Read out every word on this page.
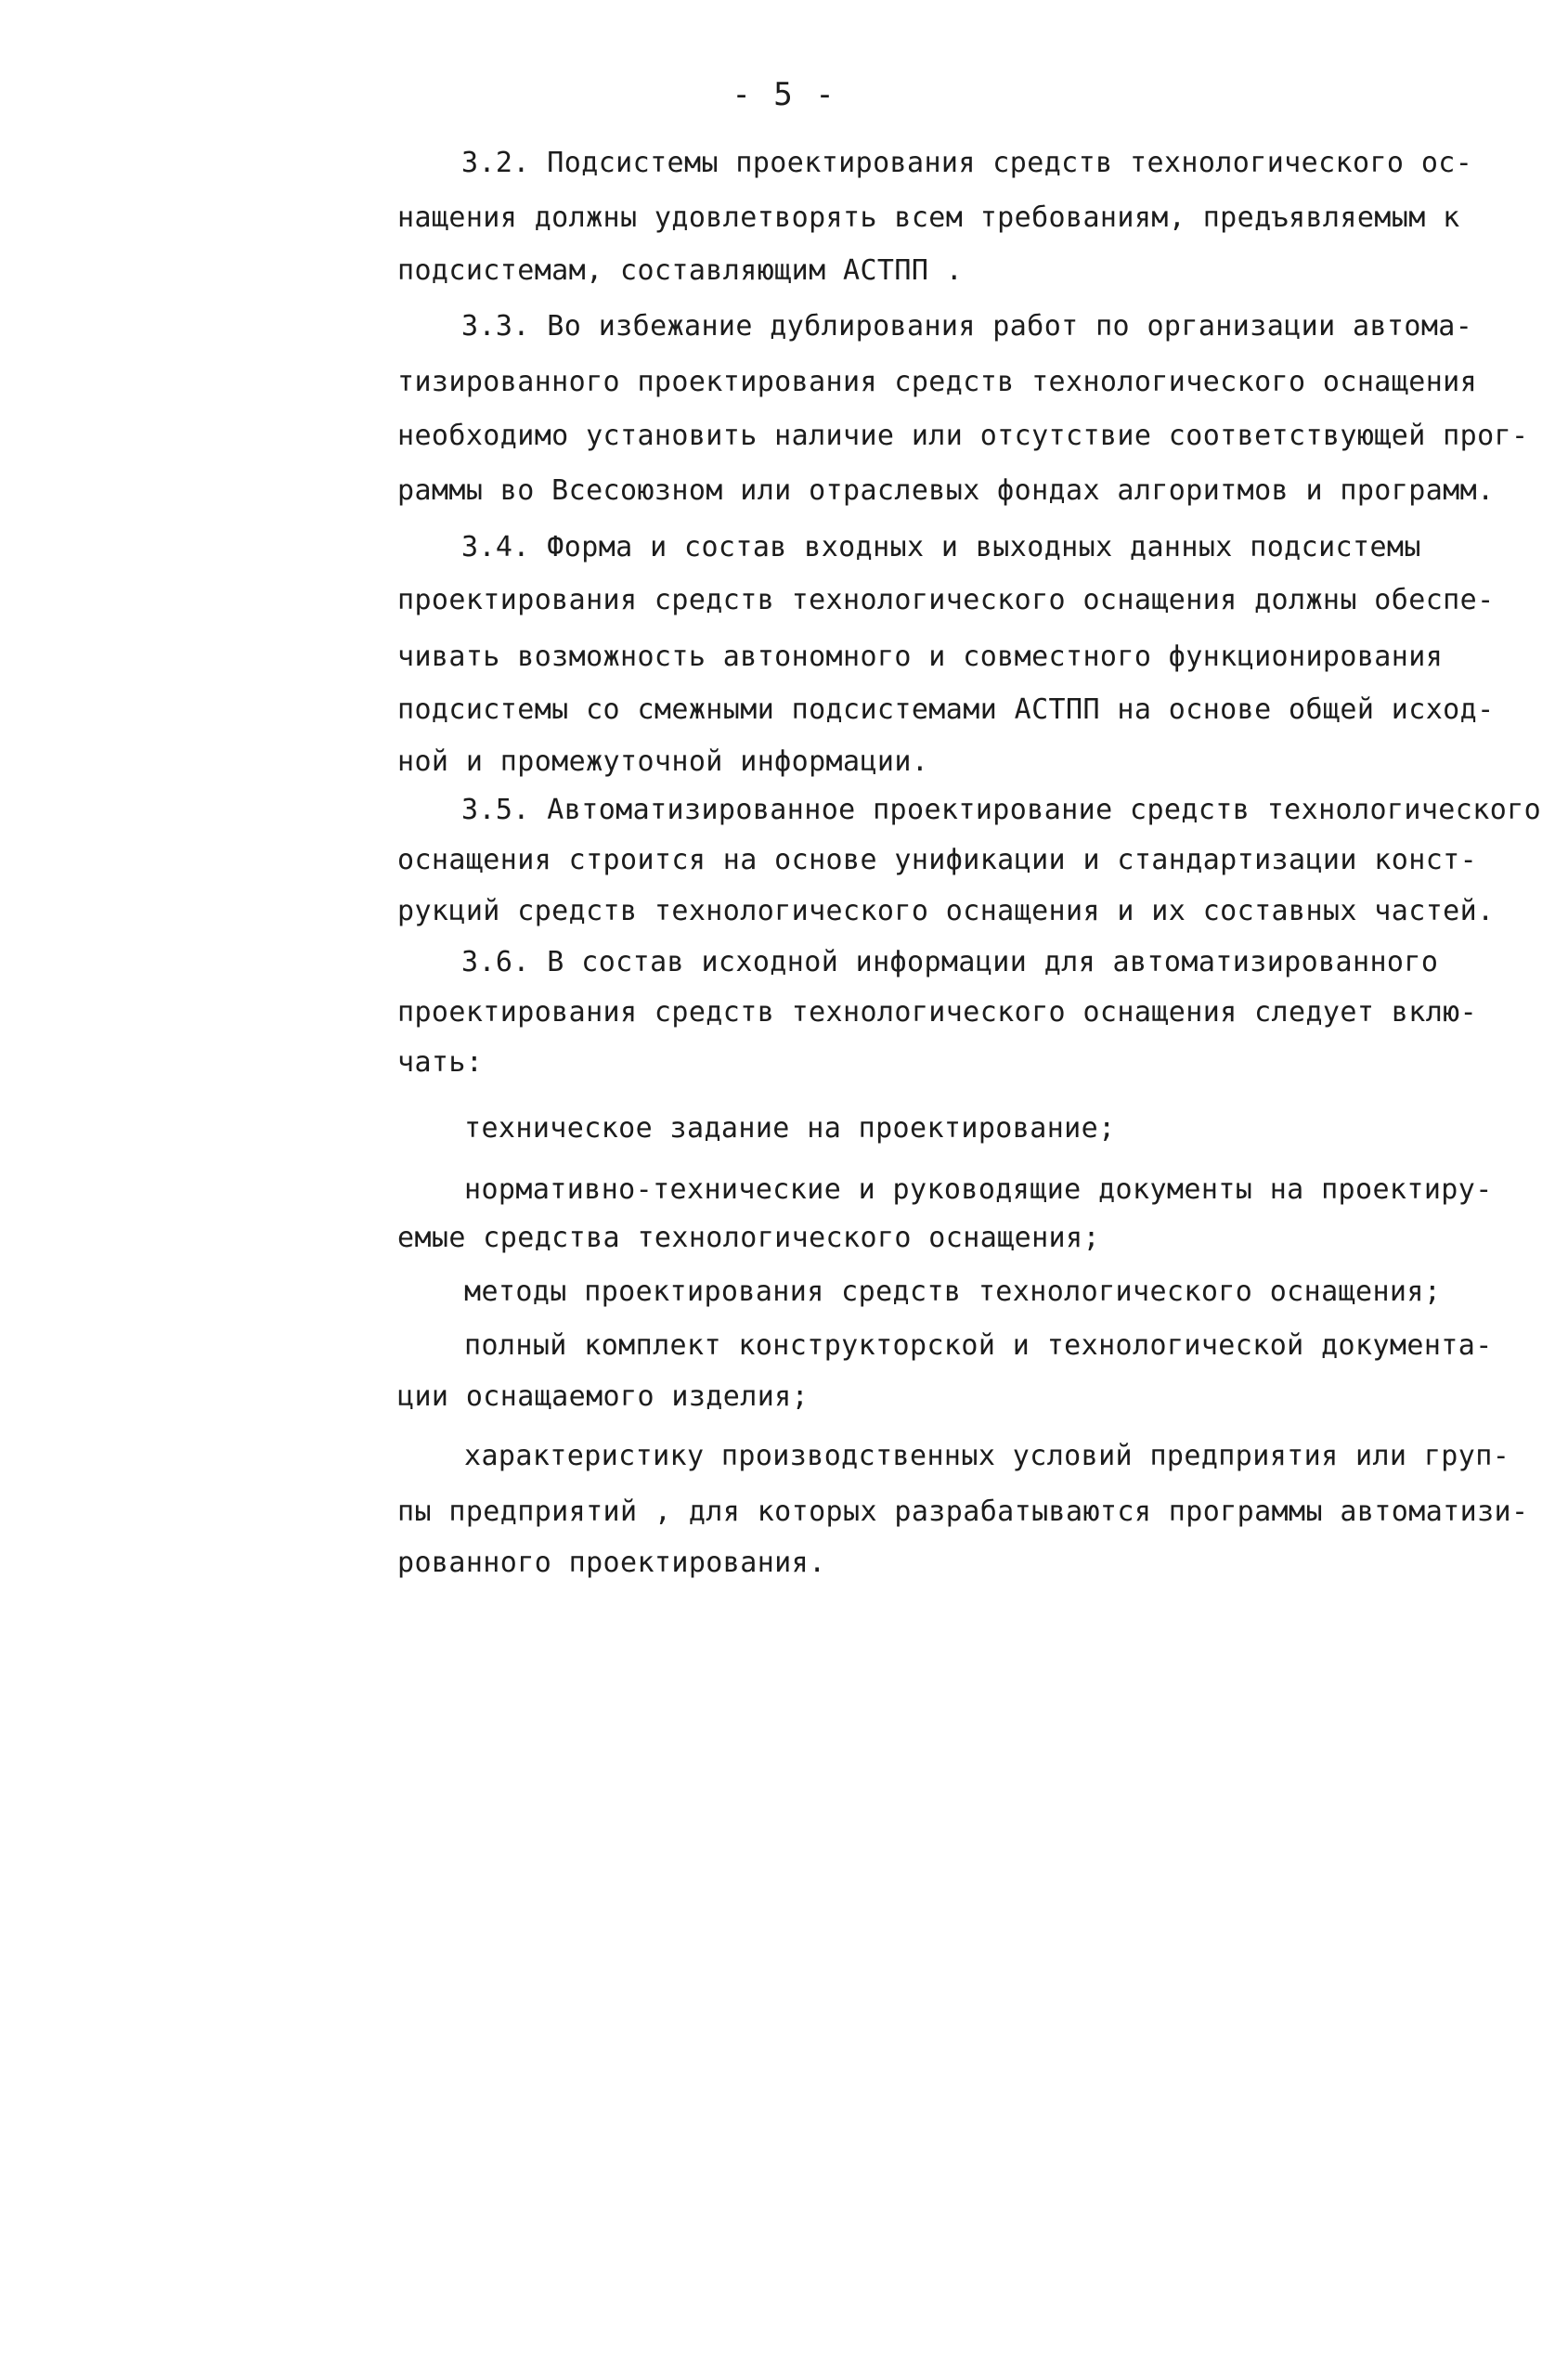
- 5 -
3.2. Подсистемы проектирования средств технологического ос-
нащения должны удовлетворять всем требованиям, предъявляемым к
подсистемам, составляющим АСТПП .
3.3. Во избежание дублирования работ по организации автома-
тизированного проектирования средств технологического оснащения
необходимо установить наличие или отсутствие соответствующей прог-
раммы во Всесоюзном или отраслевых фондах алгоритмов и программ.
3.4. Форма и состав входных и выходных данных подсистемы
проектирования средств технологического оснащения должны обеспе-
чивать возможность автономного и совместного функционирования
подсистемы со смежными подсистемами АСТПП на основе общей исход-
ной и промежуточной информации.
3.5. Автоматизированное проектирование средств технологического
оснащения строится на основе унификации и стандартизации конст-
рукций средств технологического оснащения и их составных частей.
3.6. В состав исходной информации для автоматизированного
проектирования средств технологического оснащения следует вклю-
чать:
техническое задание на проектирование;
нормативно-технические и руководящие документы на проектиру-
емые средства технологического оснащения;
методы проектирования средств технологического оснащения;
полный комплект конструкторской и технологической документа-
ции оснащаемого изделия;
характеристику производственных условий предприятия или груп-
пы предприятий , для которых разрабатываются программы автоматизи-
рованного проектирования.
